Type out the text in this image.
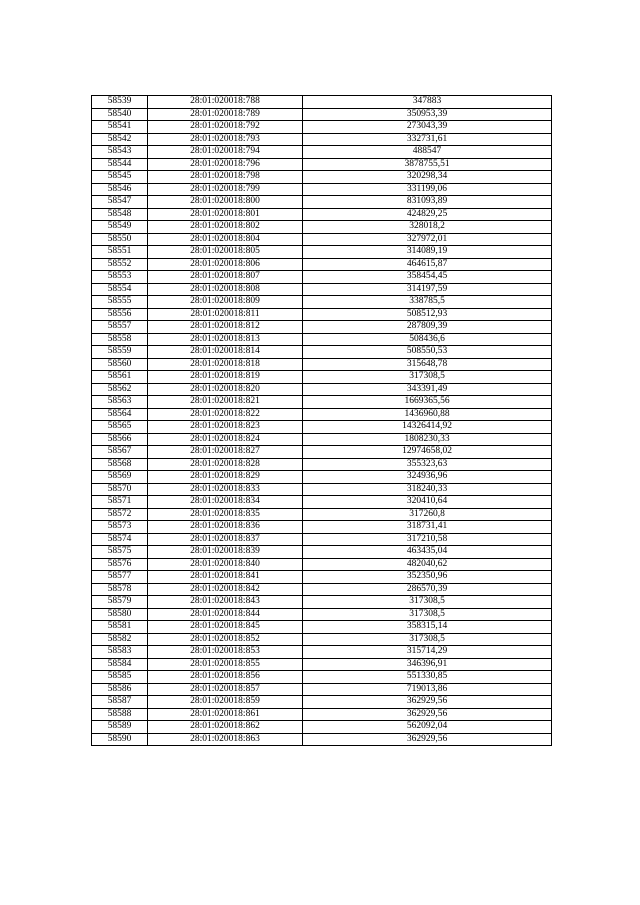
58539	28:01:020018:788	347883
58540	28:01:020018:789	350953,39
58541	28:01:020018:792	273043,39
58542	28:01:020018:793	332731,61
58543	28:01:020018:794	488547
58544	28:01:020018:796	3878755,51
58545	28:01:020018:798	320298,34
58546	28:01:020018:799	331199,06
58547	28:01:020018:800	831093,89
58548	28:01:020018:801	424829,25
58549	28:01:020018:802	328018,2
58550	28:01:020018:804	327972,01
58551	28:01:020018:805	314089,19
58552	28:01:020018:806	464615,87
58553	28:01:020018:807	358454,45
58554	28:01:020018:808	314197,59
58555	28:01:020018:809	338785,5
58556	28:01:020018:811	508512,93
58557	28:01:020018:812	287809,39
58558	28:01:020018:813	508436,6
58559	28:01:020018:814	508550,53
58560	28:01:020018:818	315648,78
58561	28:01:020018:819	317308,5
58562	28:01:020018:820	343391,49
58563	28:01:020018:821	1669365,56
58564	28:01:020018:822	1436960,88
58565	28:01:020018:823	14326414,92
58566	28:01:020018:824	1808230,33
58567	28:01:020018:827	12974658,02
58568	28:01:020018:828	355323,63
58569	28:01:020018:829	324936,96
58570	28:01:020018:833	318240,33
58571	28:01:020018:834	320410,64
58572	28:01:020018:835	317260,8
58573	28:01:020018:836	318731,41
58574	28:01:020018:837	317210,58
58575	28:01:020018:839	463435,04
58576	28:01:020018:840	482040,62
58577	28:01:020018:841	352350,96
58578	28:01:020018:842	286570,39
58579	28:01:020018:843	317308,5
58580	28:01:020018:844	317308,5
58581	28:01:020018:845	358315,14
58582	28:01:020018:852	317308,5
58583	28:01:020018:853	315714,29
58584	28:01:020018:855	346396,91
58585	28:01:020018:856	551330,85
58586	28:01:020018:857	719013,86
58587	28:01:020018:859	362929,56
58588	28:01:020018:861	362929,56
58589	28:01:020018:862	562092,04
58590	28:01:020018:863	362929,56
